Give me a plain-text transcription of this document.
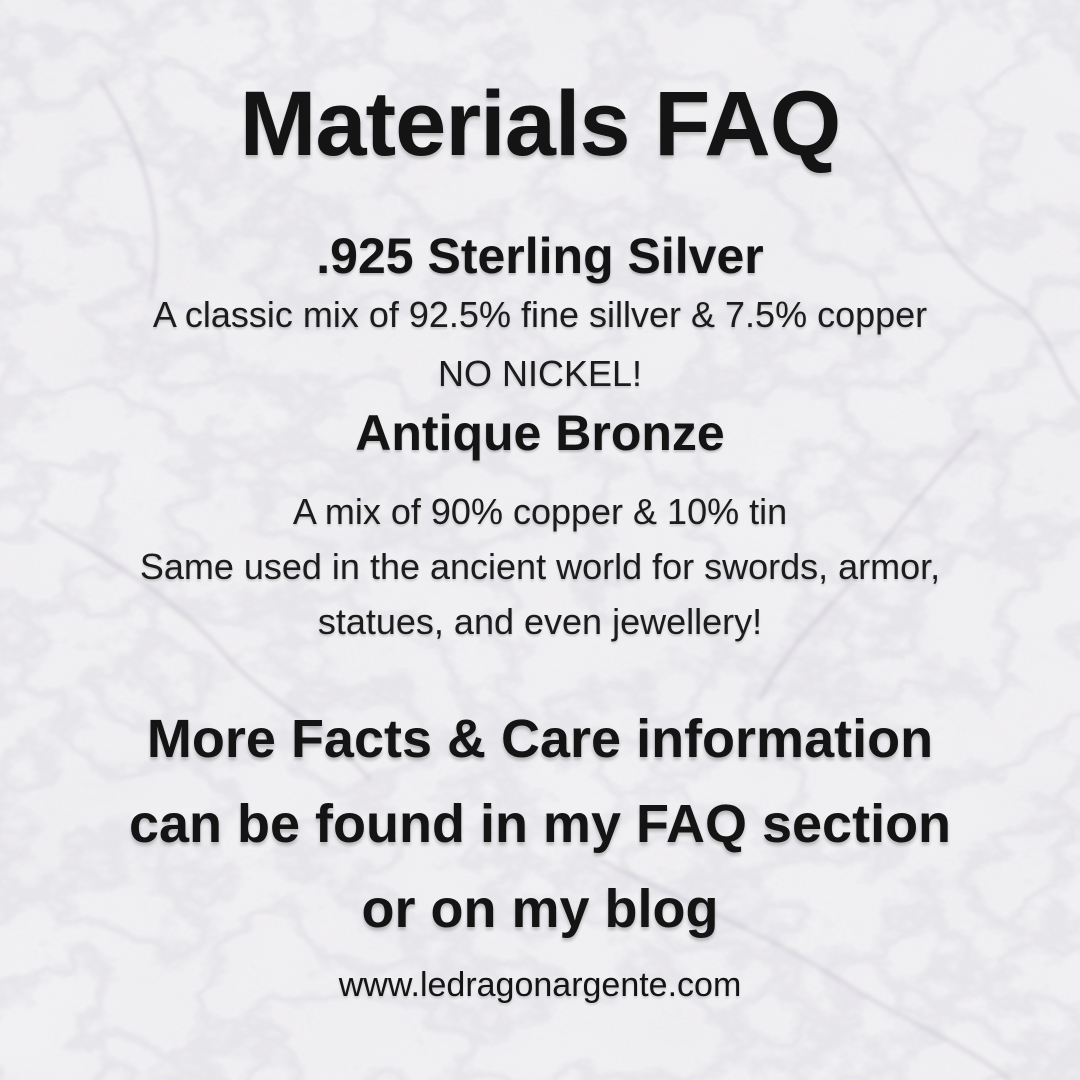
Materials FAQ
.925 Sterling Silver

A classic mix of 92.5% fine sillver & 7.5% copper

NO NICKEL!

Antique Bronze

A mix of 90% copper & 10% tin

Same used in the ancient world for swords, armor,

statues, and even jewellery!

More Facts & Care information

can be found in my FAQ section

or on my blog

www.ledragonargente.com
